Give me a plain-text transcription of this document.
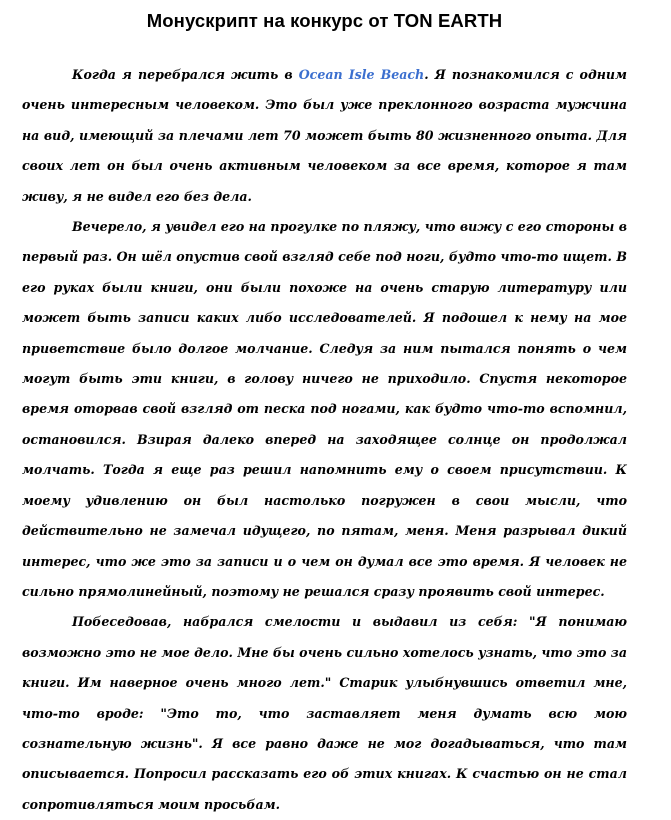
Монускрипт на конкурс от TON EARTH

Когда я перебрался жить в Ocean Isle Beach. Я познакомился с одним очень интересным человеком. Это был уже преклонного возраста мужчина на вид, имеющий за плечами лет 70 может быть 80 жизненного опыта. Для своих лет он был очень активным человеком за все время, которое я там живу, я не видел его без дела.

Вечерело, я увидел его на прогулке по пляжу, что вижу с его стороны в первый раз. Он шёл опустив свой взгляд себе под ноги, будто что-то ищет. В его руках были книги, они были похоже на очень старую литературу или может быть записи каких либо исследователей. Я подошел к нему на мое приветствие было долгое молчание. Следуя за ним пытался понять о чем могут быть эти книги, в голову ничего не приходило. Спустя некоторое время оторвав свой взгляд от песка под ногами, как будто что-то вспомнил, остановился. Взирая далеко вперед на заходящее солнце он продолжал молчать. Тогда я еще раз решил напомнить ему о своем присутствии. К моему удивлению он был настолько погружен в свои мысли, что действительно не замечал идущего, по пятам, меня. Меня разрывал дикий интерес, что же это за записи и о чем он думал все это время. Я человек не сильно прямолинейный, поэтому не решался сразу проявить свой интерес.

Побеседовав, набрался смелости и выдавил из себя: "Я понимаю возможно это не мое дело. Мне бы очень сильно хотелось узнать, что это за книги. Им наверное очень много лет." Старик улыбнувшись ответил мне, что-то вроде: "Это то, что заставляет меня думать всю мою сознательную жизнь". Я все равно даже не мог догадываться, что там описывается. Попросил рассказать его об этих книгах. К счастью он не стал сопротивляться моим просьбам.
